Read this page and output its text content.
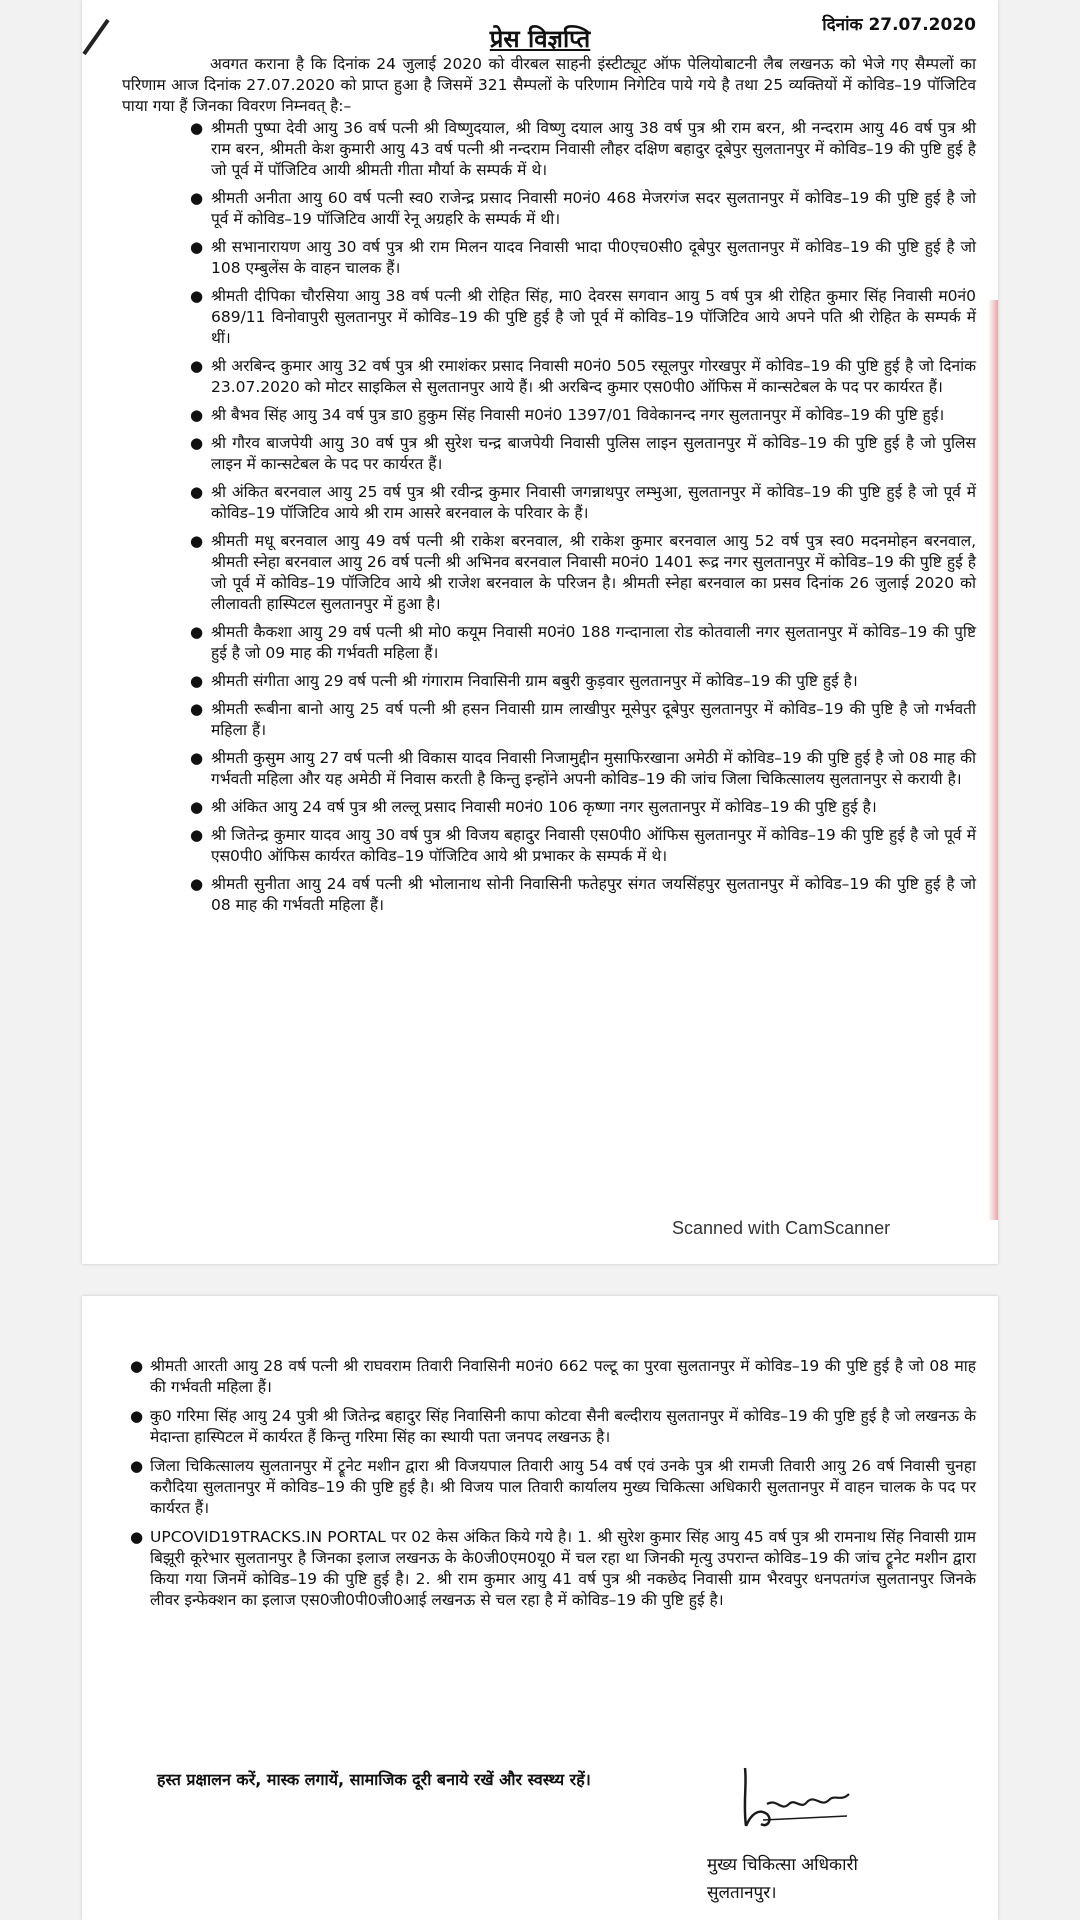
दिनांक 27.07.2020
प्रेस विज्ञप्ति

अवगत कराना है कि दिनांक 24 जुलाई 2020 को वीरबल साहनी इंस्टीट्यूट ऑफ पेलियोबाटनी लैब लखनऊ को भेजे गए सैम्पलों का परिणाम आज दिनांक 27.07.2020 को प्राप्त हुआ है जिसमें 321 सैम्पलों के परिणाम निगेटिव पाये गये है तथा 25 व्यक्तियों में कोविड–19 पॉजिटिव पाया गया हैं जिनका विवरण निम्नवत् है:–

● श्रीमती पुष्पा देवी आयु 36 वर्ष पत्नी श्री विष्णुदयाल, श्री विष्णु दयाल आयु 38 वर्ष पुत्र श्री राम बरन, श्री नन्दराम आयु 46 वर्ष पुत्र श्री राम बरन, श्रीमती केश कुमारी आयु 43 वर्ष पत्नी श्री नन्दराम निवासी लौहर दक्षिण बहादुर दूबेपुर सुलतानपुर में कोविड–19 की पुष्टि हुई है जो पूर्व में पॉजिटिव आयी श्रीमती गीता मौर्या के सम्पर्क में थे।
● श्रीमती अनीता आयु 60 वर्ष पत्नी स्व0 राजेन्द्र प्रसाद निवासी म0नं0 468 मेजरगंज सदर सुलतानपुर में कोविड–19 की पुष्टि हुई है जो पूर्व में कोविड–19 पॉजिटिव आयीं रेनू अग्रहरि के सम्पर्क में थी।
● श्री सभानारायण आयु 30 वर्ष पुत्र श्री राम मिलन यादव निवासी भादा पी0एच0सी0 दूबेपुर सुलतानपुर में कोविड–19 की पुष्टि हुई है जो 108 एम्बुलेंस के वाहन चालक हैं।
● श्रीमती दीपिका चौरसिया आयु 38 वर्ष पत्नी श्री रोहित सिंह, मा0 देवरस सगवान आयु 5 वर्ष पुत्र श्री रोहित कुमार सिंह निवासी म0नं0 689/11 विनोवापुरी सुलतानपुर में कोविड–19 की पुष्टि हुई है जो पूर्व में कोविड–19 पॉजिटिव आये अपने पति श्री रोहित के सम्पर्क में थीं।
● श्री अरबिन्द कुमार आयु 32 वर्ष पुत्र श्री रमाशंकर प्रसाद निवासी म0नं0 505 रसूलपुर गोरखपुर में कोविड–19 की पुष्टि हुई है जो दिनांक 23.07.2020 को मोटर साइकिल से सुलतानपुर आये हैं। श्री अरबिन्द कुमार एस0पी0 ऑफिस में कान्सटेबल के पद पर कार्यरत हैं।
● श्री बैभव सिंह आयु 34 वर्ष पुत्र डा0 हुकुम सिंह निवासी म0नं0 1397/01 विवेकानन्द नगर सुलतानपुर में कोविड–19 की पुष्टि हुई।
● श्री गौरव बाजपेयी आयु 30 वर्ष पुत्र श्री सुरेश चन्द्र बाजपेयी निवासी पुलिस लाइन सुलतानपुर में कोविड–19 की पुष्टि हुई है जो पुलिस लाइन में कान्सटेबल के पद पर कार्यरत हैं।
● श्री अंकित बरनवाल आयु 25 वर्ष पुत्र श्री रवीन्द्र कुमार निवासी जगन्नाथपुर लम्भुआ, सुलतानपुर में कोविड–19 की पुष्टि हुई है जो पूर्व में कोविड–19 पॉजिटिव आये श्री राम आसरे बरनवाल के परिवार के हैं।
● श्रीमती मधू बरनवाल आयु 49 वर्ष पत्नी श्री राकेश बरनवाल, श्री राकेश कुमार बरनवाल आयु 52 वर्ष पुत्र स्व0 मदनमोहन बरनवाल, श्रीमती स्नेहा बरनवाल आयु 26 वर्ष पत्नी श्री अभिनव बरनवाल निवासी म0नं0 1401 रूद्र नगर सुलतानपुर में कोविड–19 की पुष्टि हुई है जो पूर्व में कोविड–19 पॉजिटिव आये श्री राजेश बरनवाल के परिजन है। श्रीमती स्नेहा बरनवाल का प्रसव दिनांक 26 जुलाई 2020 को लीलावती हास्पिटल सुलतानपुर में हुआ है।
● श्रीमती कैकशा आयु 29 वर्ष पत्नी श्री मो0 कयूम निवासी म0नं0 188 गन्दानाला रोड कोतवाली नगर सुलतानपुर में कोविड–19 की पुष्टि हुई है जो 09 माह की गर्भवती महिला हैं।
● श्रीमती संगीता आयु 29 वर्ष पत्नी श्री गंगाराम निवासिनी ग्राम बबुरी कुड़वार सुलतानपुर में कोविड–19 की पुष्टि हुई है।
● श्रीमती रूबीना बानो आयु 25 वर्ष पत्नी श्री हसन निवासी ग्राम लाखीपुर मूसेपुर दूबेपुर सुलतानपुर में कोविड–19 की पुष्टि है जो गर्भवती महिला हैं।
● श्रीमती कुसुम आयु 27 वर्ष पत्नी श्री विकास यादव निवासी निजामुद्दीन मुसाफिरखाना अमेठी में कोविड–19 की पुष्टि हुई है जो 08 माह की गर्भवती महिला और यह अमेठी में निवास करती है किन्तु इन्होंने अपनी कोविड–19 की जांच जिला चिकित्सालय सुलतानपुर से करायी है।
● श्री अंकित आयु 24 वर्ष पुत्र श्री लल्लू प्रसाद निवासी म0नं0 106 कृष्णा नगर सुलतानपुर में कोविड–19 की पुष्टि हुई है।
● श्री जितेन्द्र कुमार यादव आयु 30 वर्ष पुत्र श्री विजय बहादुर निवासी एस0पी0 ऑफिस सुलतानपुर में कोविड–19 की पुष्टि हुई है जो पूर्व में एस0पी0 ऑफिस कार्यरत कोविड–19 पॉजिटिव आये श्री प्रभाकर के सम्पर्क में थे।
● श्रीमती सुनीता आयु 24 वर्ष पत्नी श्री भोलानाथ सोनी निवासिनी फतेहपुर संगत जयसिंहपुर सुलतानपुर में कोविड–19 की पुष्टि हुई है जो 08 माह की गर्भवती महिला हैं।
Scanned with CamScanner
● श्रीमती आरती आयु 28 वर्ष पत्नी श्री राघवराम तिवारी निवासिनी म0नं0 662 पल्टू का पुरवा सुलतानपुर में कोविड–19 की पुष्टि हुई है जो 08 माह की गर्भवती महिला हैं।
● कु0 गरिमा सिंह आयु 24 पुत्री श्री जितेन्द्र बहादुर सिंह निवासिनी कापा कोटवा सैनी बल्दीराय सुलतानपुर में कोविड–19 की पुष्टि हुई है जो लखनऊ के मेदान्ता हास्पिटल में कार्यरत हैं किन्तु गरिमा सिंह का स्थायी पता जनपद लखनऊ है।
● जिला चिकित्सालय सुलतानपुर में ट्रूनेट मशीन द्वारा श्री विजयपाल तिवारी आयु 54 वर्ष एवं उनके पुत्र श्री रामजी तिवारी आयु 26 वर्ष निवासी चुनहा करौदिया सुलतानपुर में कोविड–19 की पुष्टि हुई है। श्री विजय पाल तिवारी कार्यालय मुख्य चिकित्सा अधिकारी सुलतानपुर में वाहन चालक के पद पर कार्यरत हैं।
● UPCOVID19TRACKS.IN PORTAL पर 02 केस अंकित किये गये है। 1. श्री सुरेश कुमार सिंह आयु 45 वर्ष पुत्र श्री रामनाथ सिंह निवासी ग्राम बिझूरी कूरेभार सुलतानपुर है जिनका इलाज लखनऊ के के0जी0एम0यू0 में चल रहा था जिनकी मृत्यु उपरान्त कोविड–19 की जांच ट्रूनेट मशीन द्वारा किया गया जिनमें कोविड–19 की पुष्टि हुई है। 2. श्री राम कुमार आयु 41 वर्ष पुत्र श्री नकछेद निवासी ग्राम भैरवपुर धनपतगंज सुलतानपुर जिनके लीवर इन्फेक्शन का इलाज एस0जी0पी0जी0आई लखनऊ से चल रहा है में कोविड–19 की पुष्टि हुई है।
हस्त प्रक्षालन करें, मास्क लगायें, सामाजिक दूरी बनाये रखें और स्वस्थ्य रहें।
मुख्य चिकित्सा अधिकारी
सुलतानपुर।
